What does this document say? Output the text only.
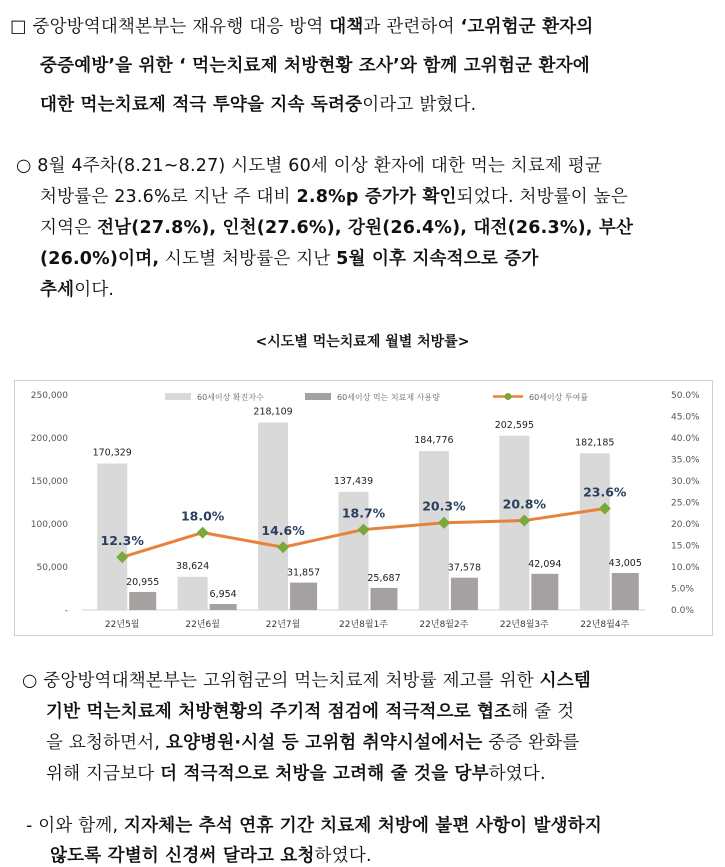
□ 중앙방역대책본부는 재유행 대응 방역 대책과 관련하여 ‘고위험군 환자의
중증예방’을 위한 ‘ 먹는치료제 처방현황 조사’와 함께 고위험군 환자에
대한 먹는치료제 적극 투약을 지속 독려중이라고 밝혔다.
○ 8월 4주차(8.21~8.27) 시도별 60세 이상 환자에 대한 먹는 치료제 평균
처방률은 23.6%로 지난 주 대비 2.8%p 증가가 확인되었다. 처방률이 높은
지역은 전남(27.8%), 인천(27.6%), 강원(26.4%), 대전(26.3%), 부산
(26.0%)이며, 시도별 처방률은 지난 5월 이후 지속적으로 증가
추세이다.
<시도별 먹는치료제 월별 처방률>
-
50,000
100,000
150,000
200,000
250,000
0.0%
5.0%
10.0%
15.0%
20.0%
25.0%
30.0%
35.0%
40.0%
45.0%
50.0%
170,329
38,624
218,109
137,439
184,776
202,595
182,185
20,955
6,954
31,857	25,687
37,578	42,094	43,005
12.3%
18.0%
14.6%
18.7%	20.3%	20.8%
23.6%
22년5월	22년6월	22년7월	22년8월1주	22년8월2주	22년8월3주	22년8월4주
60세이상 확진자수	60세이상 먹는 치료제 사용량	60세이상 투여률
○ 중앙방역대책본부는 고위험군의 먹는치료제 처방률 제고를 위한 시스템
기반 먹는치료제 처방현황의 주기적 점검에 적극적으로 협조해 줄 것
을 요청하면서, 요양병원·시설 등 고위험 취약시설에서는 중증 완화를
위해 지금보다 더 적극적으로 처방을 고려해 줄 것을 당부하였다.
- 이와 함께, 지자체는 추석 연휴 기간 치료제 처방에 불편 사항이 발생하지
않도록 각별히 신경써 달라고 요청하였다.
